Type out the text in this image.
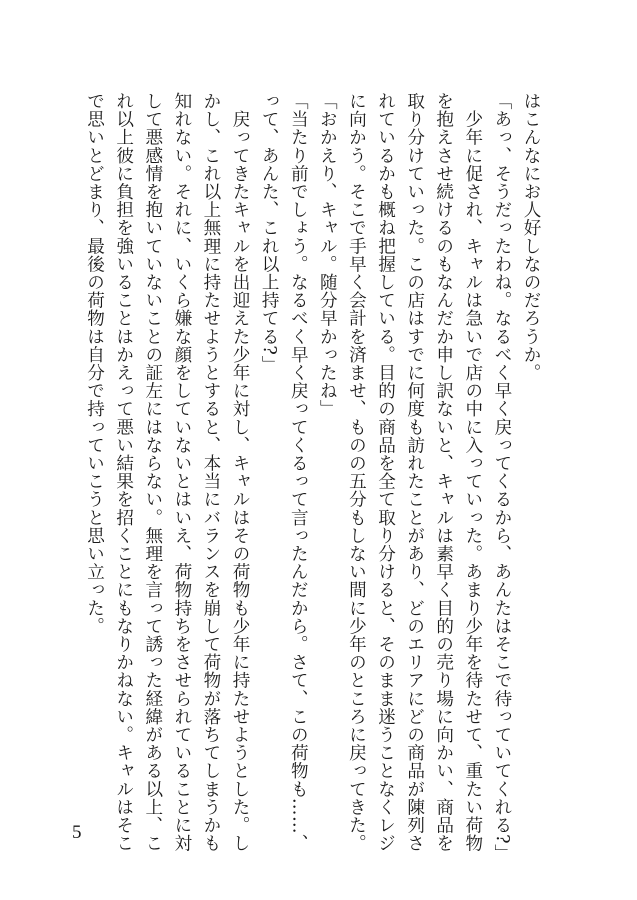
はこんなにお人好しなのだろうか。

「あっ、そうだったわね。なるべく早く戻ってくるから、あんたはそこで待っていてくれる?」

　少年に促され、キャルは急いで店の中に入っていった。あまり少年を待たせて、重たい荷物

を抱えさせ続けるのもなんだか申し訳ないと、キャルは素早く目的の売り場に向かい、商品を

取り分けていった。この店はすでに何度も訪れたことがあり、どのエリアにどの商品が陳列さ

れているかも概ね把握している。目的の商品を全て取り分けると、そのまま迷うことなくレジ

に向かう。そこで手早く会計を済ませ、ものの五分もしない間に少年のところに戻ってきた。

「おかえり、キャル。随分早かったね」

「当たり前でしょう。なるべく早く戻ってくるって言ったんだから。さて、この荷物も……、

って、あんた、これ以上持てる?」

　戻ってきたキャルを出迎えた少年に対し、キャルはその荷物も少年に持たせようとした。し

かし、これ以上無理に持たせようとすると、本当にバランスを崩して荷物が落ちてしまうかも

知れない。それに、いくら嫌な顔をしていないとはいえ、荷物持ちをさせられていることに対

して悪感情を抱いていないことの証左にはならない。無理を言って誘った経緯がある以上、こ

れ以上彼に負担を強いることはかえって悪い結果を招くことにもなりかねない。キャルはそこ

で思いとどまり、最後の荷物は自分で持っていこうと思い立った。

5
